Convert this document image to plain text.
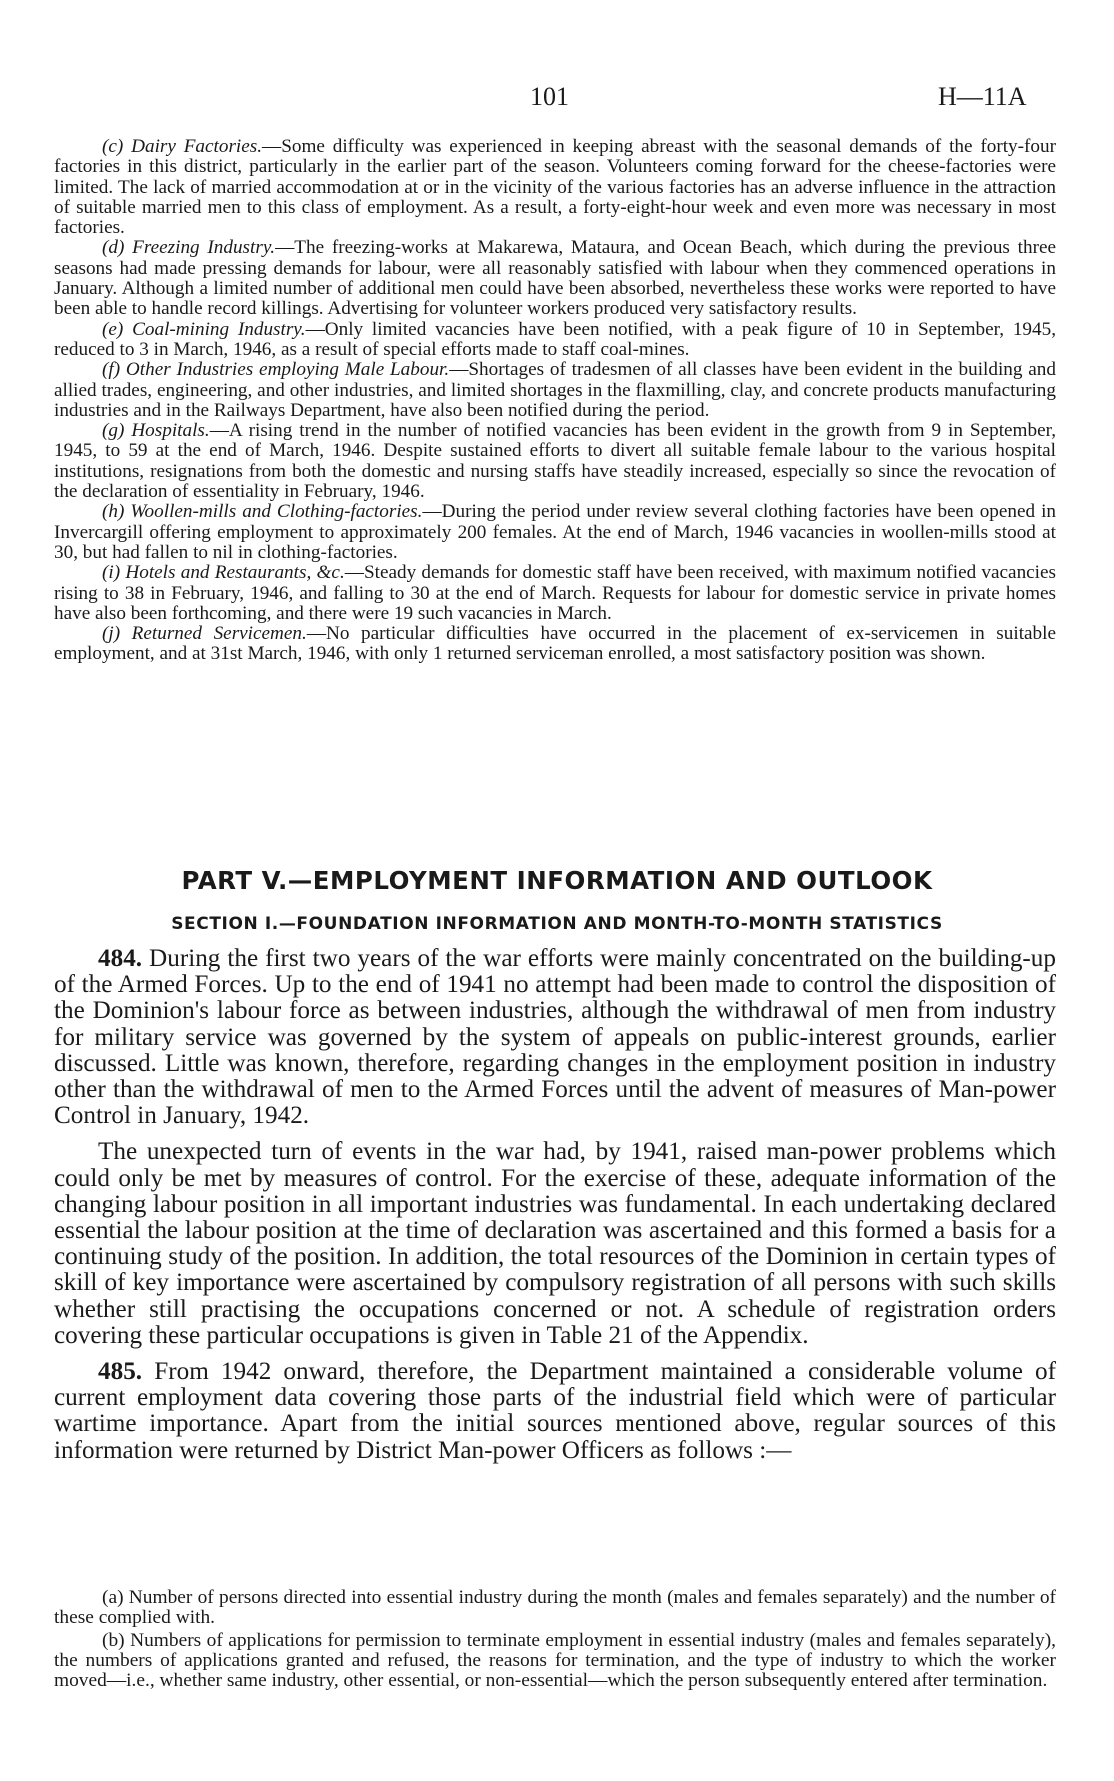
101	H—11A

(c) Dairy Factories.—Some difficulty was experienced in keeping abreast with the seasonal demands of the forty-four factories in this district, particularly in the earlier part of the season. Volunteers coming forward for the cheese-factories were limited. The lack of married accommodation at or in the vicinity of the various factories has an adverse influence in the attraction of suitable married men to this class of employment. As a result, a forty-eight-hour week and even more was necessary in most factories.

(d) Freezing Industry.—The freezing-works at Makarewa, Mataura, and Ocean Beach, which during the previous three seasons had made pressing demands for labour, were all reasonably satisfied with labour when they commenced operations in January. Although a limited number of additional men could have been absorbed, nevertheless these works were reported to have been able to handle record killings. Advertising for volunteer workers produced very satisfactory results.

(e) Coal-mining Industry.—Only limited vacancies have been notified, with a peak figure of 10 in September, 1945, reduced to 3 in March, 1946, as a result of special efforts made to staff coal-mines.

(f) Other Industries employing Male Labour.—Shortages of tradesmen of all classes have been evident in the building and allied trades, engineering, and other industries, and limited shortages in the flaxmilling, clay, and concrete products manufacturing industries and in the Railways Department, have also been notified during the period.

(g) Hospitals.—A rising trend in the number of notified vacancies has been evident in the growth from 9 in September, 1945, to 59 at the end of March, 1946. Despite sustained efforts to divert all suitable female labour to the various hospital institutions, resignations from both the domestic and nursing staffs have steadily increased, especially so since the revocation of the declaration of essentiality in February, 1946.

(h) Woollen-mills and Clothing-factories.—During the period under review several clothing factories have been opened in Invercargill offering employment to approximately 200 females. At the end of March, 1946 vacancies in woollen-mills stood at 30, but had fallen to nil in clothing-factories.

(i) Hotels and Restaurants, &c.—Steady demands for domestic staff have been received, with maximum notified vacancies rising to 38 in February, 1946, and falling to 30 at the end of March. Requests for labour for domestic service in private homes have also been forthcoming, and there were 19 such vacancies in March.

(j) Returned Servicemen.—No particular difficulties have occurred in the placement of ex-servicemen in suitable employment, and at 31st March, 1946, with only 1 returned serviceman enrolled, a most satisfactory position was shown.

PART V.—EMPLOYMENT INFORMATION AND OUTLOOK
SECTION I.—FOUNDATION INFORMATION AND MONTH-TO-MONTH STATISTICS

484. During the first two years of the war efforts were mainly concentrated on the building-up of the Armed Forces. Up to the end of 1941 no attempt had been made to control the disposition of the Dominion's labour force as between industries, although the withdrawal of men from industry for military service was governed by the system of appeals on public-interest grounds, earlier discussed. Little was known, therefore, regarding changes in the employment position in industry other than the withdrawal of men to the Armed Forces until the advent of measures of Man-power Control in January, 1942.

The unexpected turn of events in the war had, by 1941, raised man-power problems which could only be met by measures of control. For the exercise of these, adequate information of the changing labour position in all important industries was fundamental. In each undertaking declared essential the labour position at the time of declaration was ascertained and this formed a basis for a continuing study of the position. In addition, the total resources of the Dominion in certain types of skill of key importance were ascertained by compulsory registration of all persons with such skills whether still practising the occupations concerned or not. A schedule of registration orders covering these particular occupations is given in Table 21 of the Appendix.

485. From 1942 onward, therefore, the Department maintained a considerable volume of current employment data covering those parts of the industrial field which were of particular wartime importance. Apart from the initial sources mentioned above, regular sources of this information were returned by District Man-power Officers as follows :—

(a) Number of persons directed into essential industry during the month (males and females separately) and the number of these complied with.

(b) Numbers of applications for permission to terminate employment in essential industry (males and females separately), the numbers of applications granted and refused, the reasons for termination, and the type of industry to which the worker moved—i.e., whether same industry, other essential, or non-essential—which the person subsequently entered after termination.
